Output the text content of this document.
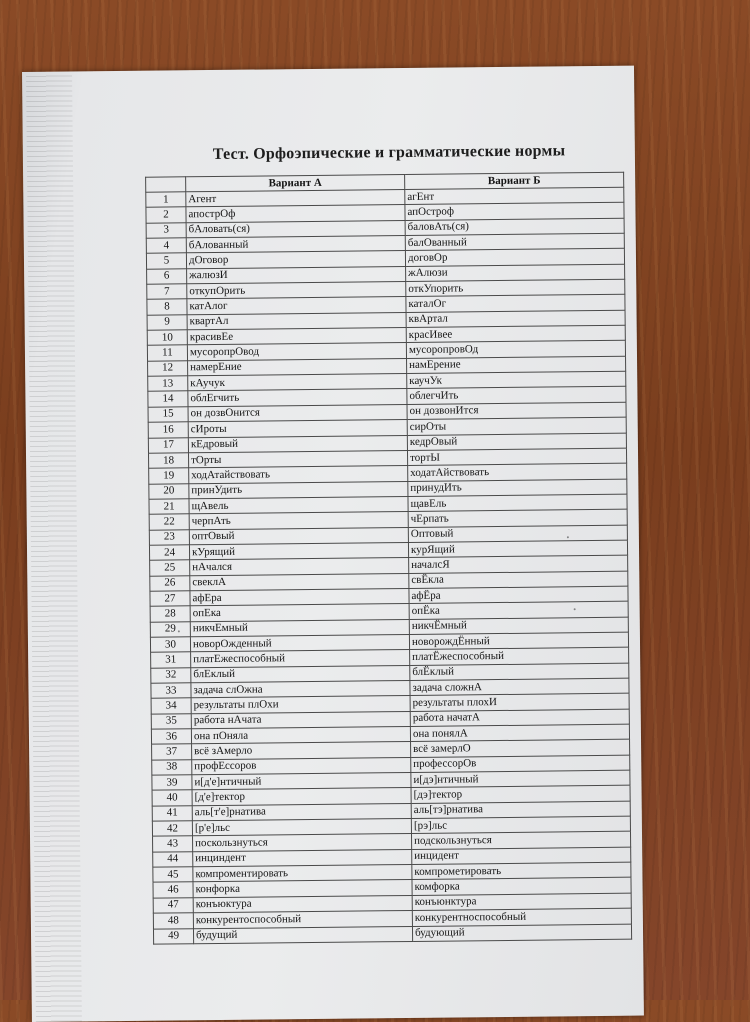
Тест. Орфоэпические и грамматические нормы
	Вариант А	Вариант Б
1	Агент	агЕнт
2	апострОф	апОстроф
3	бАловать(ся)	баловАть(ся)
4	бАлованный	балОванный
5	дОговор	договОр
6	жалюзИ	жАлюзи
7	откупОрить	откУпорить
8	катАлог	каталОг
9	квартАл	квАртал
10	красивЕе	красИвее
11	мусоропрОвод	мусоропровОд
12	намерЕние	намЕрение
13	кАучук	каучУк
14	облЕгчить	облегчИть
15	он дозвОнится	он дозвонИтся
16	сИроты	сирОты
17	кЕдровый	кедрОвый
18	тОрты	тортЫ
19	ходАтайствовать	ходатАйствовать
20	принУдить	принудИть
21	щАвель	щавЕль
22	черпАть	чЕрпать
23	оптОвый	Оптовый
24	кУрящий	курЯщий
25	нАчался	началсЯ
26	свеклА	свЁкла
27	афЕра	афЁра
28	опЕка	опЁка
29	никчЕмный	никчЁмный
30	новорОжденный	новорождЁнный
31	платЕжеспособный	платЁжеспособный
32	блЕклый	блЁклый
33	задача слОжна	задача сложнА
34	результаты плОхи	результаты плохИ
35	работа нАчата	работа начатА
36	она пОняла	она понялА
37	всё зАмерло	всё замерлО
38	профЕссоров	профессорОв
39	и[д'е]нтичный	и[дэ]нтичный
40	[д'е]тектор	[дэ]тектор
41	аль[т'е]рнатива	аль[тэ]рнатива
42	[р'е]льс	[рэ]льс
43	поскользнуться	подскользнуться
44	инциндент	инцидент
45	компроментировать	компрометировать
46	конфорка	комфорка
47	конъюктура	конъюнктура
48	конкурентоспособный	конкурентноспособный
49	будущий	будующий
